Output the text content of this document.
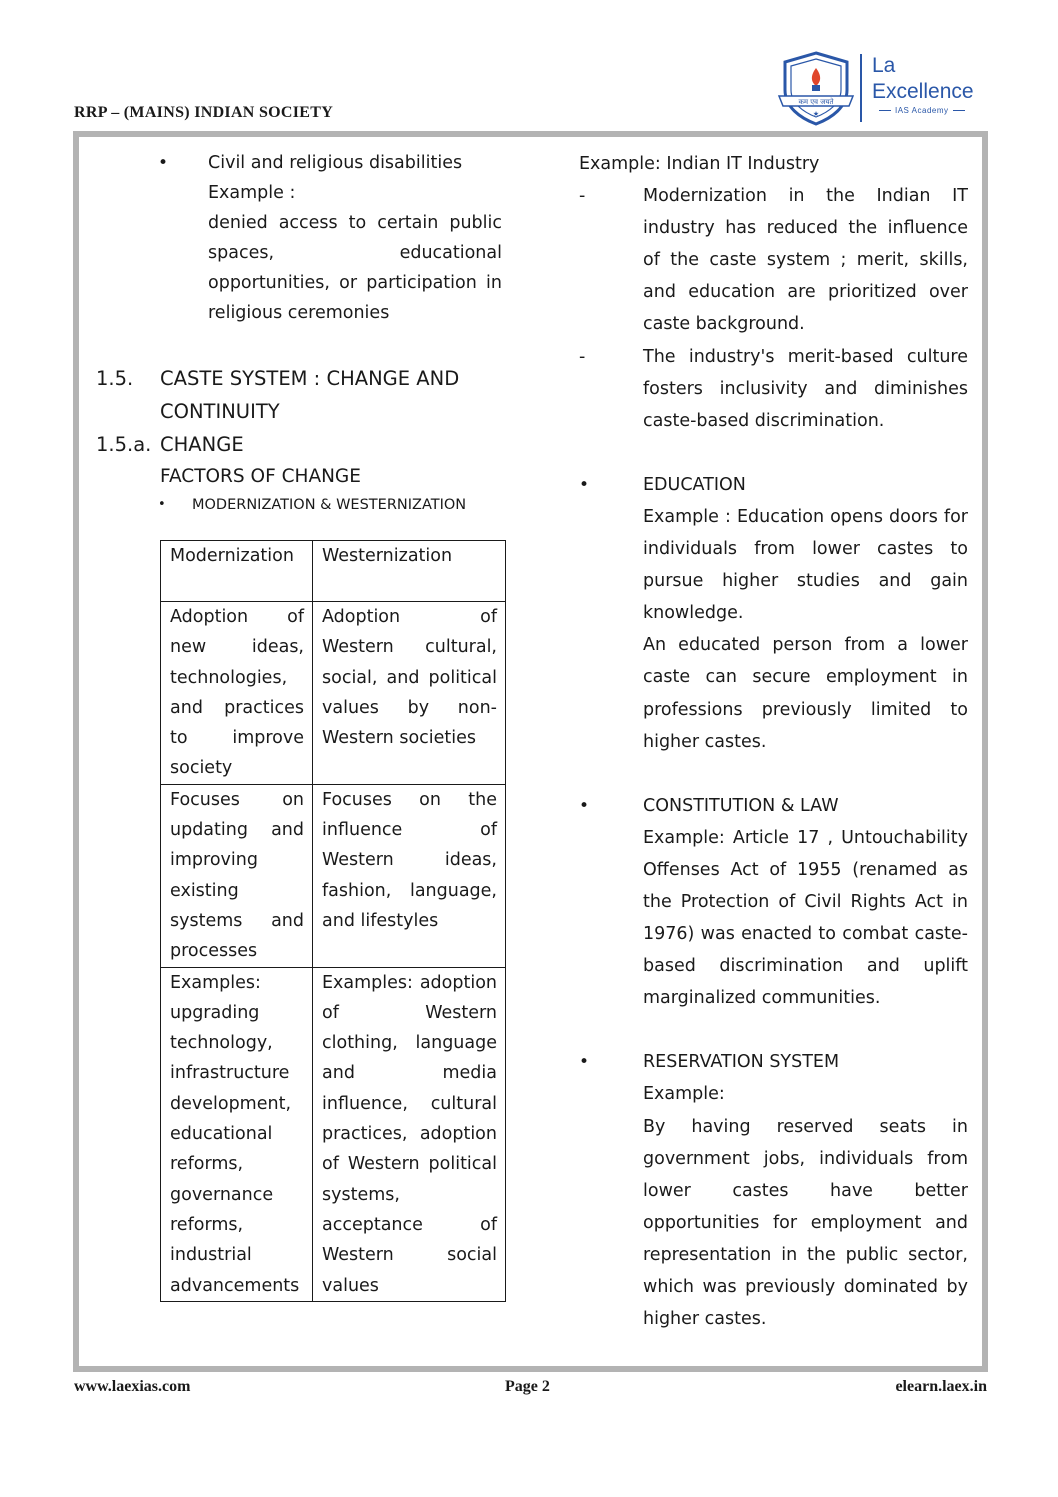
RRP – (MAINS) INDIAN SOCIETY
कम एव जयते
★
La
Excellence
IAS Academy
• Civil and religious disabilities
Example :
denied access to certain public spaces, educational opportunities, or participation in religious ceremonies
1.5. CASTE SYSTEM : CHANGE AND CONTINUITY
1.5.a. CHANGE
FACTORS OF CHANGE
• MODERNIZATION & WESTERNIZATION
Modernization	Westernization
Adoption of new ideas, technologies, and practices to improve society	Adoption of Western cultural, social, and political values by non-Western societies
Focuses on updating and improving existing systems and processes	Focuses on the influence of Western ideas, fashion, language, and lifestyles
Examples: upgrading technology, infrastructure development, educational reforms, governance reforms, industrial advancements	Examples: adoption of Western clothing, language and media influence, cultural practices, adoption of Western political systems, acceptance of Western social values
Example: Indian IT Industry
-	Modernization in the Indian IT industry has reduced the influence of the caste system ; merit, skills, and education are prioritized over caste background.
-	The industry's merit-based culture fosters inclusivity and diminishes caste-based discrimination.
•	EDUCATION
Example : Education opens doors for individuals from lower castes to pursue higher studies and gain knowledge.
An educated person from a lower caste can secure employment in professions previously limited to higher castes.
•	CONSTITUTION & LAW
Example: Article 17 , Untouchability Offenses Act of 1955 (renamed as the Protection of Civil Rights Act in 1976) was enacted to combat caste-based discrimination and uplift marginalized communities.
•	RESERVATION SYSTEM
Example:
By having reserved seats in government jobs, individuals from lower castes have better opportunities for employment and representation in the public sector, which was previously dominated by higher castes.
www.laexias.com	Page 2	elearn.laex.in
